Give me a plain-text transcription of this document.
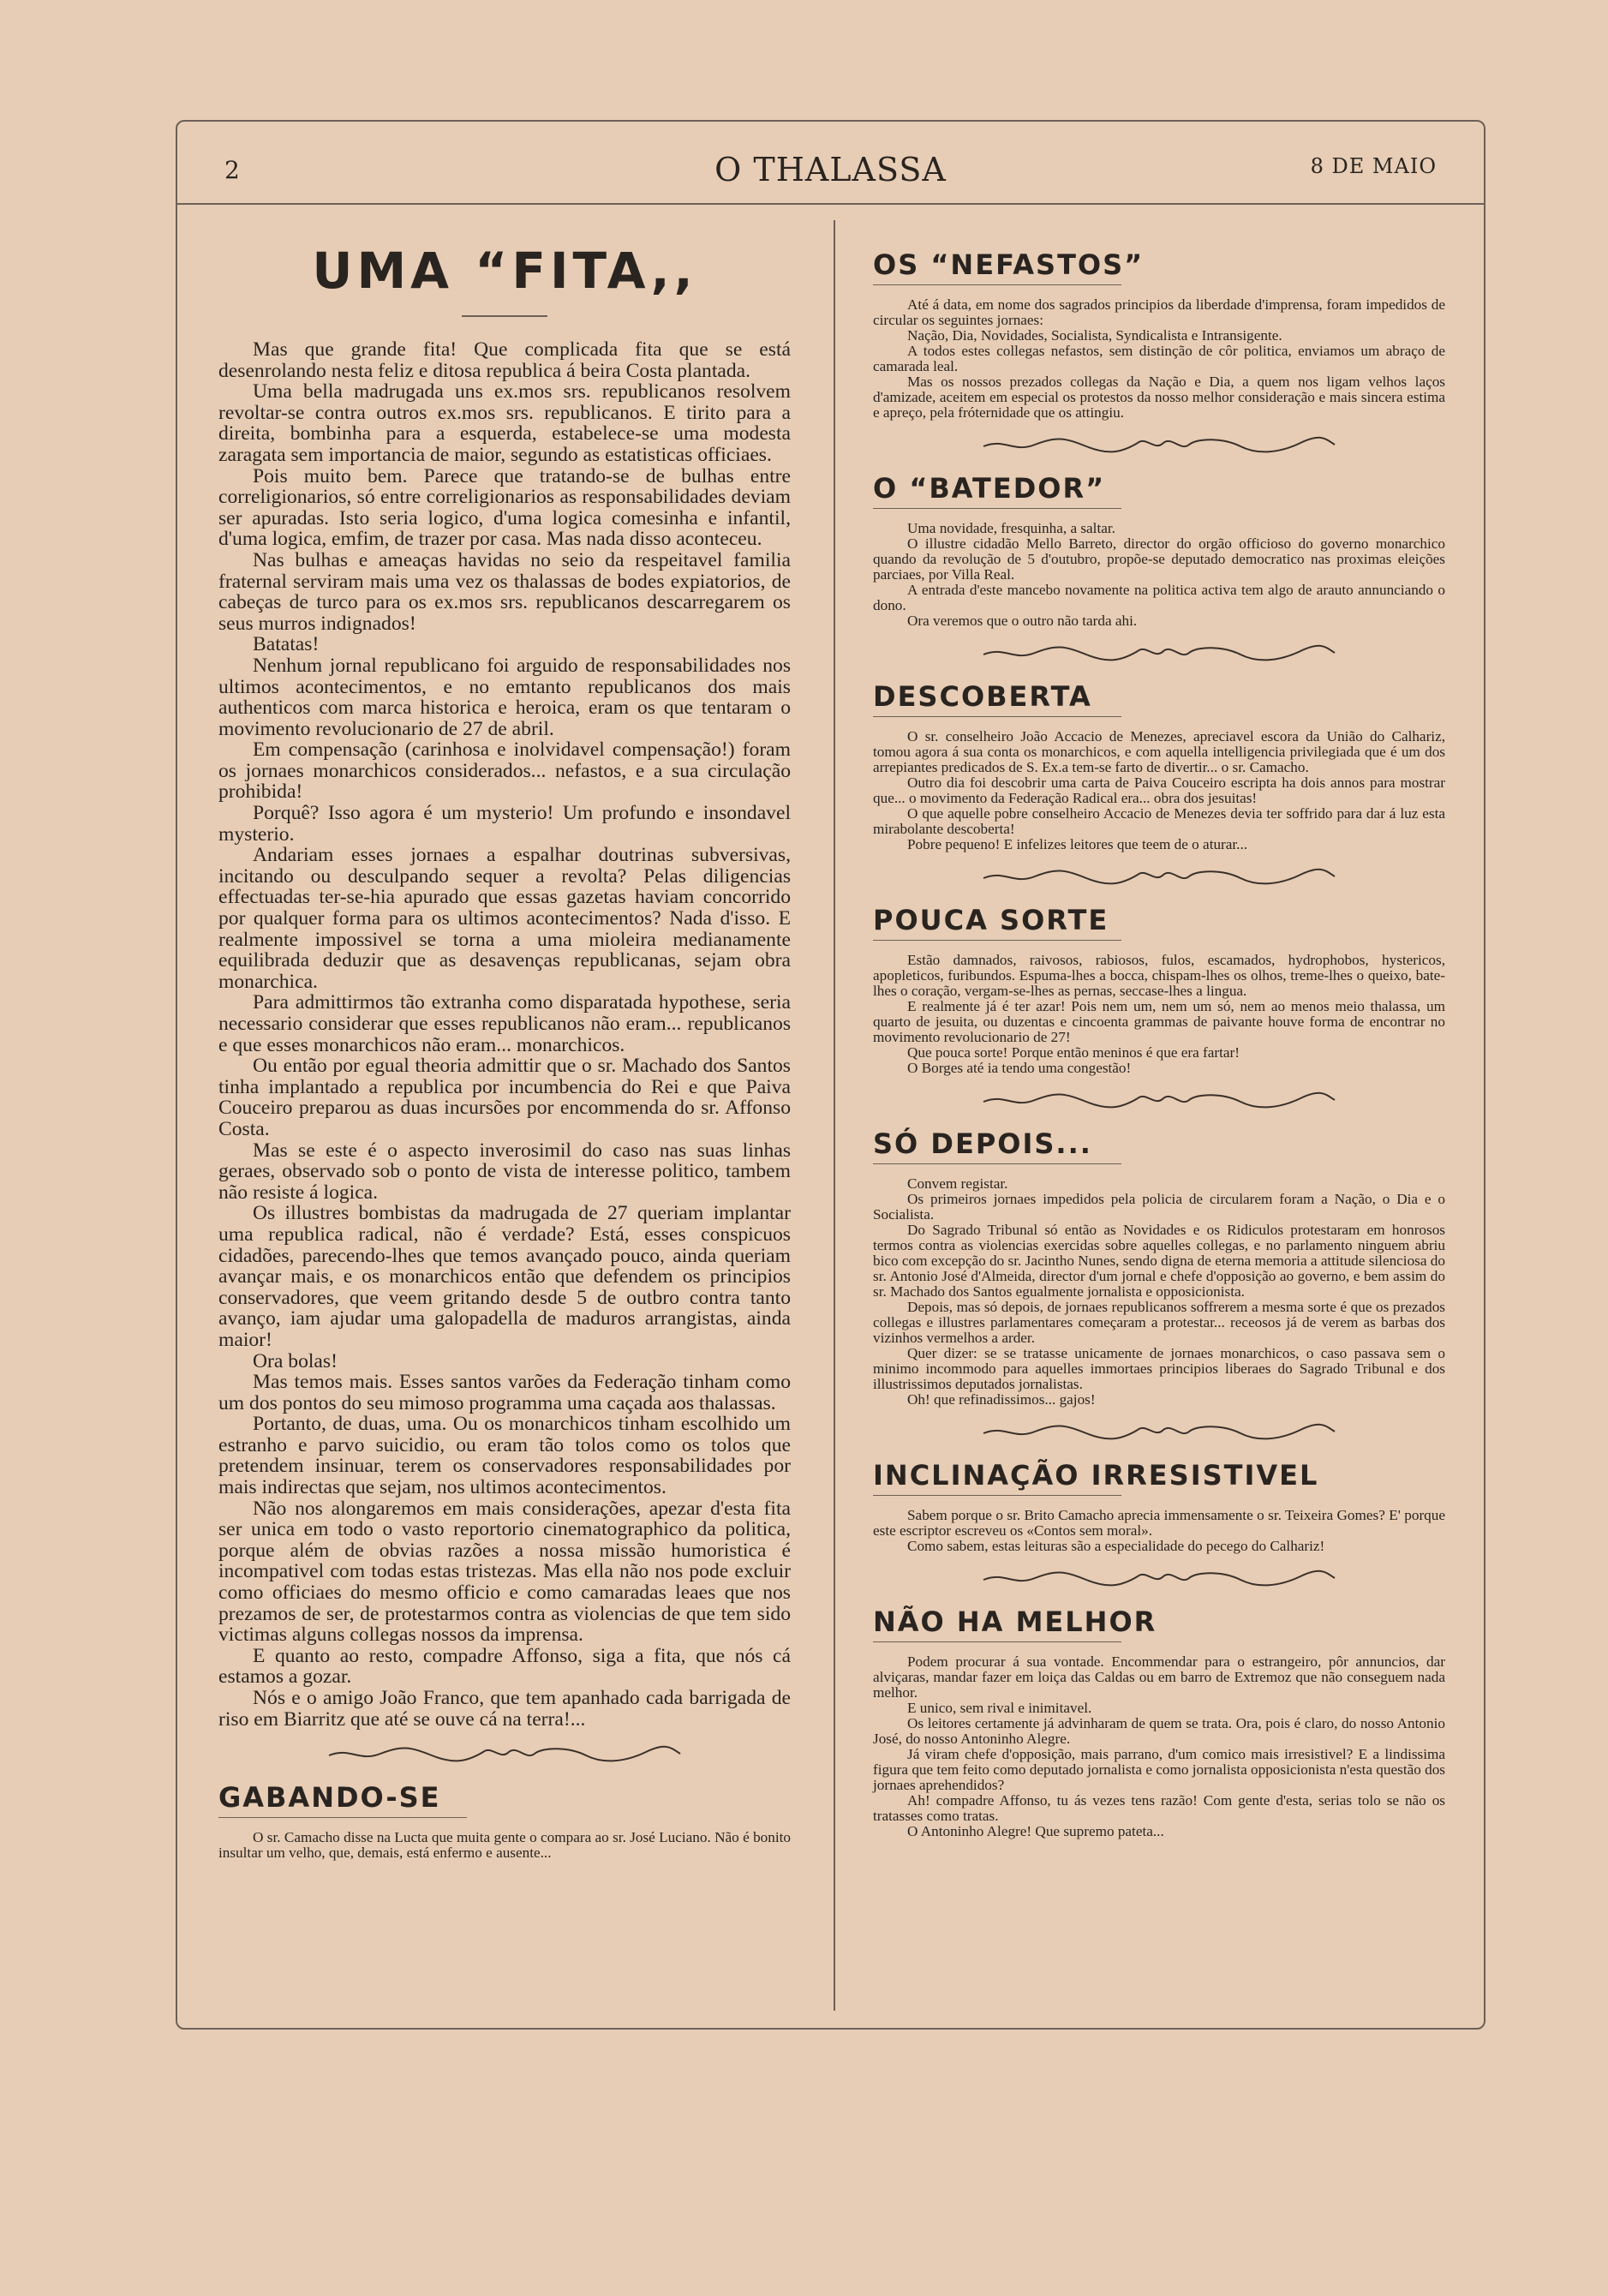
2	O THALASSA	8 DE MAIO
UMA “FITA,,

Mas que grande fita! Que complicada fita que se está desenrolando nesta feliz e ditosa republica á beira Costa plantada.

Uma bella madrugada uns ex.mos srs. republicanos resolvem revoltar-se contra outros ex.mos srs. republicanos. E tirito para a direita, bombinha para a esquerda, estabelece-se uma modesta zaragata sem importancia de maior, segundo as estatisticas officiaes.

Pois muito bem. Parece que tratando-se de bulhas entre correligionarios, só entre correligionarios as responsabilidades deviam ser apuradas. Isto seria logico, d'uma logica comesinha e infantil, d'uma logica, emfim, de trazer por casa. Mas nada disso aconteceu.

Nas bulhas e ameaças havidas no seio da respeitavel familia fraternal serviram mais uma vez os thalassas de bodes expiatorios, de cabeças de turco para os ex.mos srs. republicanos descarregarem os seus murros indignados!

Batatas!

Nenhum jornal republicano foi arguido de responsabilidades nos ultimos acontecimentos, e no emtanto republicanos dos mais authenticos com marca historica e heroica, eram os que tentaram o movimento revolucionario de 27 de abril.

Em compensação (carinhosa e inolvidavel compensação!) foram os jornaes monarchicos considerados... nefastos, e a sua circulação prohibida!

Porquê? Isso agora é um mysterio! Um profundo e insondavel mysterio.

Andariam esses jornaes a espalhar doutrinas subversivas, incitando ou desculpando sequer a revolta? Pelas diligencias effectuadas ter-se-hia apurado que essas gazetas haviam concorrido por qualquer forma para os ultimos acontecimentos? Nada d'isso. E realmente impossivel se torna a uma mioleira medianamente equilibrada deduzir que as desavenças republicanas, sejam obra monarchica.

Para admittirmos tão extranha como disparatada hypothese, seria necessario considerar que esses republicanos não eram... republicanos e que esses monarchicos não eram... monarchicos.

Ou então por egual theoria admittir que o sr. Machado dos Santos tinha implantado a republica por incumbencia do Rei e que Paiva Couceiro preparou as duas incursões por encommenda do sr. Affonso Costa.

Mas se este é o aspecto inverosimil do caso nas suas linhas geraes, observado sob o ponto de vista de interesse politico, tambem não resiste á logica.

Os illustres bombistas da madrugada de 27 queriam implantar uma republica radical, não é verdade? Está, esses conspicuos cidadões, parecendo-lhes que temos avançado pouco, ainda queriam avançar mais, e os monarchicos então que defendem os principios conservadores, que veem gritando desde 5 de outbro contra tanto avanço, iam ajudar uma galopadella de maduros arrangistas, ainda maior!

Ora bolas!

Mas temos mais. Esses santos varões da Federação tinham como um dos pontos do seu mimoso programma uma caçada aos thalassas.

Portanto, de duas, uma. Ou os monarchicos tinham escolhido um estranho e parvo suicidio, ou eram tão tolos como os tolos que pretendem insinuar, terem os conservadores responsabilidades por mais indirectas que sejam, nos ultimos acontecimentos.

Não nos alongaremos em mais considerações, apezar d'esta fita ser unica em todo o vasto reportorio cinematographico da politica, porque além de obvias razões a nossa missão humoristica é incompativel com todas estas tristezas. Mas ella não nos pode excluir como officiaes do mesmo officio e como camaradas leaes que nos prezamos de ser, de protestarmos contra as violencias de que tem sido victimas alguns collegas nossos da imprensa.

E quanto ao resto, compadre Affonso, siga a fita, que nós cá estamos a gozar.

Nós e o amigo João Franco, que tem apanhado cada barrigada de riso em Biarritz que até se ouve cá na terra!...

GABANDO-SE

O sr. Camacho disse na Lucta que muita gente o compara ao sr. José Luciano. Não é bonito insultar um velho, que, demais, está enfermo e ausente...

OS “NEFASTOS”

Até á data, em nome dos sagrados principios da liberdade d'imprensa, foram impedidos de circular os seguintes jornaes:

Nação, Dia, Novidades, Socialista, Syndicalista e Intransigente.

A todos estes collegas nefastos, sem distinção de côr politica, enviamos um abraço de camarada leal.

Mas os nossos prezados collegas da Nação e Dia, a quem nos ligam velhos laços d'amizade, aceitem em especial os protestos da nosso melhor consideração e mais sincera estima e apreço, pela fróternidade que os attingiu.

O “BATEDOR”

Uma novidade, fresquinha, a saltar.

O illustre cidadão Mello Barreto, director do orgão officioso do governo monarchico quando da revolução de 5 d'outubro, propõe-se deputado democratico nas proximas eleições parciaes, por Villa Real.

A entrada d'este mancebo novamente na politica activa tem algo de arauto annunciando o dono.

Ora veremos que o outro não tarda ahi.

DESCOBERTA

O sr. conselheiro João Accacio de Menezes, apreciavel escora da União do Calhariz, tomou agora á sua conta os monarchicos, e com aquella intelligencia privilegiada que é um dos arrepiantes predicados de S. Ex.a tem-se farto de divertir... o sr. Camacho.

Outro dia foi descobrir uma carta de Paiva Couceiro escripta ha dois annos para mostrar que... o movimento da Federação Radical era... obra dos jesuitas!

O que aquelle pobre conselheiro Accacio de Menezes devia ter soffrido para dar á luz esta mirabolante descoberta!

Pobre pequeno! E infelizes leitores que teem de o aturar...

POUCA SORTE

Estão damnados, raivosos, rabiosos, fulos, escamados, hydrophobos, hystericos, apopleticos, furibundos. Espuma-lhes a bocca, chispam-lhes os olhos, treme-lhes o queixo, bate-lhes o coração, vergam-se-lhes as pernas, seccase-lhes a lingua.

E realmente já é ter azar! Pois nem um, nem um só, nem ao menos meio thalassa, um quarto de jesuita, ou duzentas e cincoenta grammas de paivante houve forma de encontrar no movimento revolucionario de 27!

Que pouca sorte! Porque então meninos é que era fartar!

O Borges até ia tendo uma congestão!

SÓ DEPOIS...

Convem registar.

Os primeiros jornaes impedidos pela policia de circularem foram a Nação, o Dia e o Socialista.

Do Sagrado Tribunal só então as Novidades e os Ridiculos protestaram em honrosos termos contra as violencias exercidas sobre aquelles collegas, e no parlamento ninguem abriu bico com excepção do sr. Jacintho Nunes, sendo digna de eterna memoria a attitude silenciosa do sr. Antonio José d'Almeida, director d'um jornal e chefe d'opposição ao governo, e bem assim do sr. Machado dos Santos egualmente jornalista e opposicionista.

Depois, mas só depois, de jornaes republicanos soffrerem a mesma sorte é que os prezados collegas e illustres parlamentares começaram a protestar... receosos já de verem as barbas dos vizinhos vermelhos a arder.

Quer dizer: se se tratasse unicamente de jornaes monarchicos, o caso passava sem o minimo incommodo para aquelles immortaes principios liberaes do Sagrado Tribunal e dos illustrissimos deputados jornalistas.

Oh! que refinadissimos... gajos!

INCLINAÇÃO IRRESISTIVEL

Sabem porque o sr. Brito Camacho aprecia immensamente o sr. Teixeira Gomes? E' porque este escriptor escreveu os «Contos sem moral».

Como sabem, estas leituras são a especialidade do pecego do Calhariz!

NÃO HA MELHOR

Podem procurar á sua vontade. Encommendar para o estrangeiro, pôr annuncios, dar alviçaras, mandar fazer em loiça das Caldas ou em barro de Extremoz que não conseguem nada melhor.

E unico, sem rival e inimitavel.

Os leitores certamente já advinharam de quem se trata. Ora, pois é claro, do nosso Antonio José, do nosso Antoninho Alegre.

Já viram chefe d'opposição, mais parrano, d'um comico mais irresistivel? E a lindissima figura que tem feito como deputado jornalista e como jornalista opposicionista n'esta questão dos jornaes aprehendidos?

Ah! compadre Affonso, tu ás vezes tens razão! Com gente d'esta, serias tolo se não os tratasses como tratas.

O Antoninho Alegre! Que supremo pateta...
